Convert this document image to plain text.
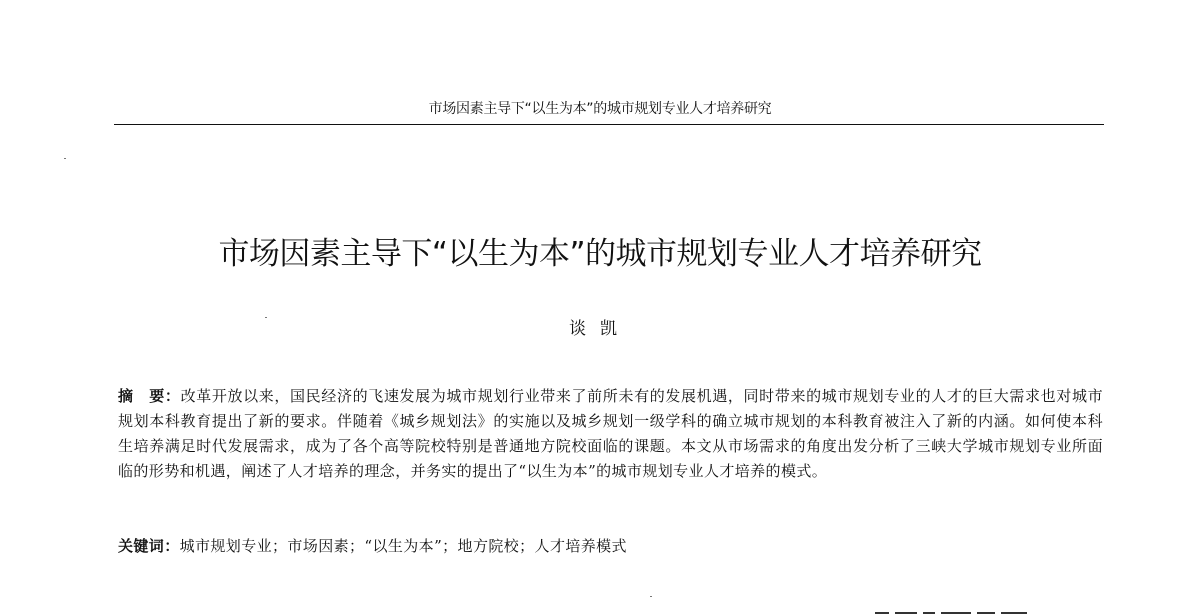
市场因素主导下“以生为本”的城市规划专业人才培养研究
市场因素主导下“以生为本”的城市规划专业人才培养研究
谈凯
摘　要：改革开放以来，国民经济的飞速发展为城市规划行业带来了前所未有的发展机遇，同时带来的城市规划专业的人才的巨大需求也对城市规划本科教育提出了新的要求。伴随着《城乡规划法》的实施以及城乡规划一级学科的确立城市规划的本科教育被注入了新的内涵。如何使本科生培养满足时代发展需求，成为了各个高等院校特别是普通地方院校面临的课题。本文从市场需求的角度出发分析了三峡大学城市规划专业所面临的形势和机遇，阐述了人才培养的理念，并务实的提出了“以生为本”的城市规划专业人才培养的模式。
关键词：城市规划专业；市场因素；“以生为本”；地方院校；人才培养模式
